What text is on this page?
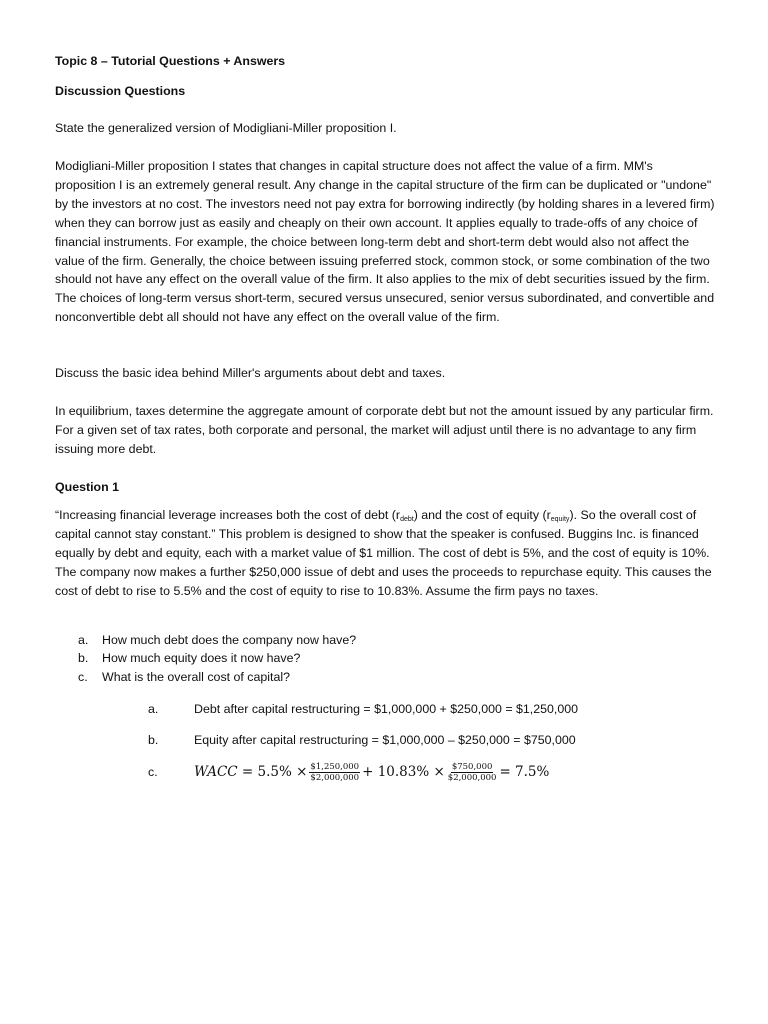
Topic 8 – Tutorial Questions + Answers
Discussion Questions

State the generalized version of Modigliani-Miller proposition I.

Modigliani-Miller proposition I states that changes in capital structure does not affect the value of a firm. MM's proposition I is an extremely general result. Any change in the capital structure of the firm can be duplicated or "undone" by the investors at no cost. The investors need not pay extra for borrowing indirectly (by holding shares in a levered firm) when they can borrow just as easily and cheaply on their own account. It applies equally to trade-offs of any choice of financial instruments. For example, the choice between long-term debt and short-term debt would also not affect the value of the firm. Generally, the choice between issuing preferred stock, common stock, or some combination of the two should not have any effect on the overall value of the firm. It also applies to the mix of debt securities issued by the firm. The choices of long-term versus short-term, secured versus unsecured, senior versus subordinated, and convertible and nonconvertible debt all should not have any effect on the overall value of the firm.

Discuss the basic idea behind Miller's arguments about debt and taxes.

In equilibrium, taxes determine the aggregate amount of corporate debt but not the amount issued by any particular firm. For a given set of tax rates, both corporate and personal, the market will adjust until there is no advantage to any firm issuing more debt.

Question 1

“Increasing financial leverage increases both the cost of debt $(r_{debt})$ and the cost of equity $(r_{equity})$. So the overall cost of capital cannot stay constant.” This problem is designed to show that the speaker is confused. Buggins Inc. is financed equally by debt and equity, each with a market value of $1 million. The cost of debt is 5%, and the cost of equity is 10%. The company now makes a further $250,000 issue of debt and uses the proceeds to repurchase equity. This causes the cost of debt to rise to 5.5% and the cost of equity to rise to 10.83%. Assume the firm pays no taxes.

a.	How much debt does the company now have?
b.	How much equity does it now have?
c.	What is the overall cost of capital?
a.	Debt after capital restructuring = $1,000,000 + $250,000 = $1,250,000
b.	Equity after capital restructuring = $1,000,000 – $250,000 = $750,000
c.	WACC = $5.5\% \times \frac{\$1,250,000}{\$2,000,000} + 10.83\% \times \frac{\$750,000}{\$2,000,000} = 7.5\%$
